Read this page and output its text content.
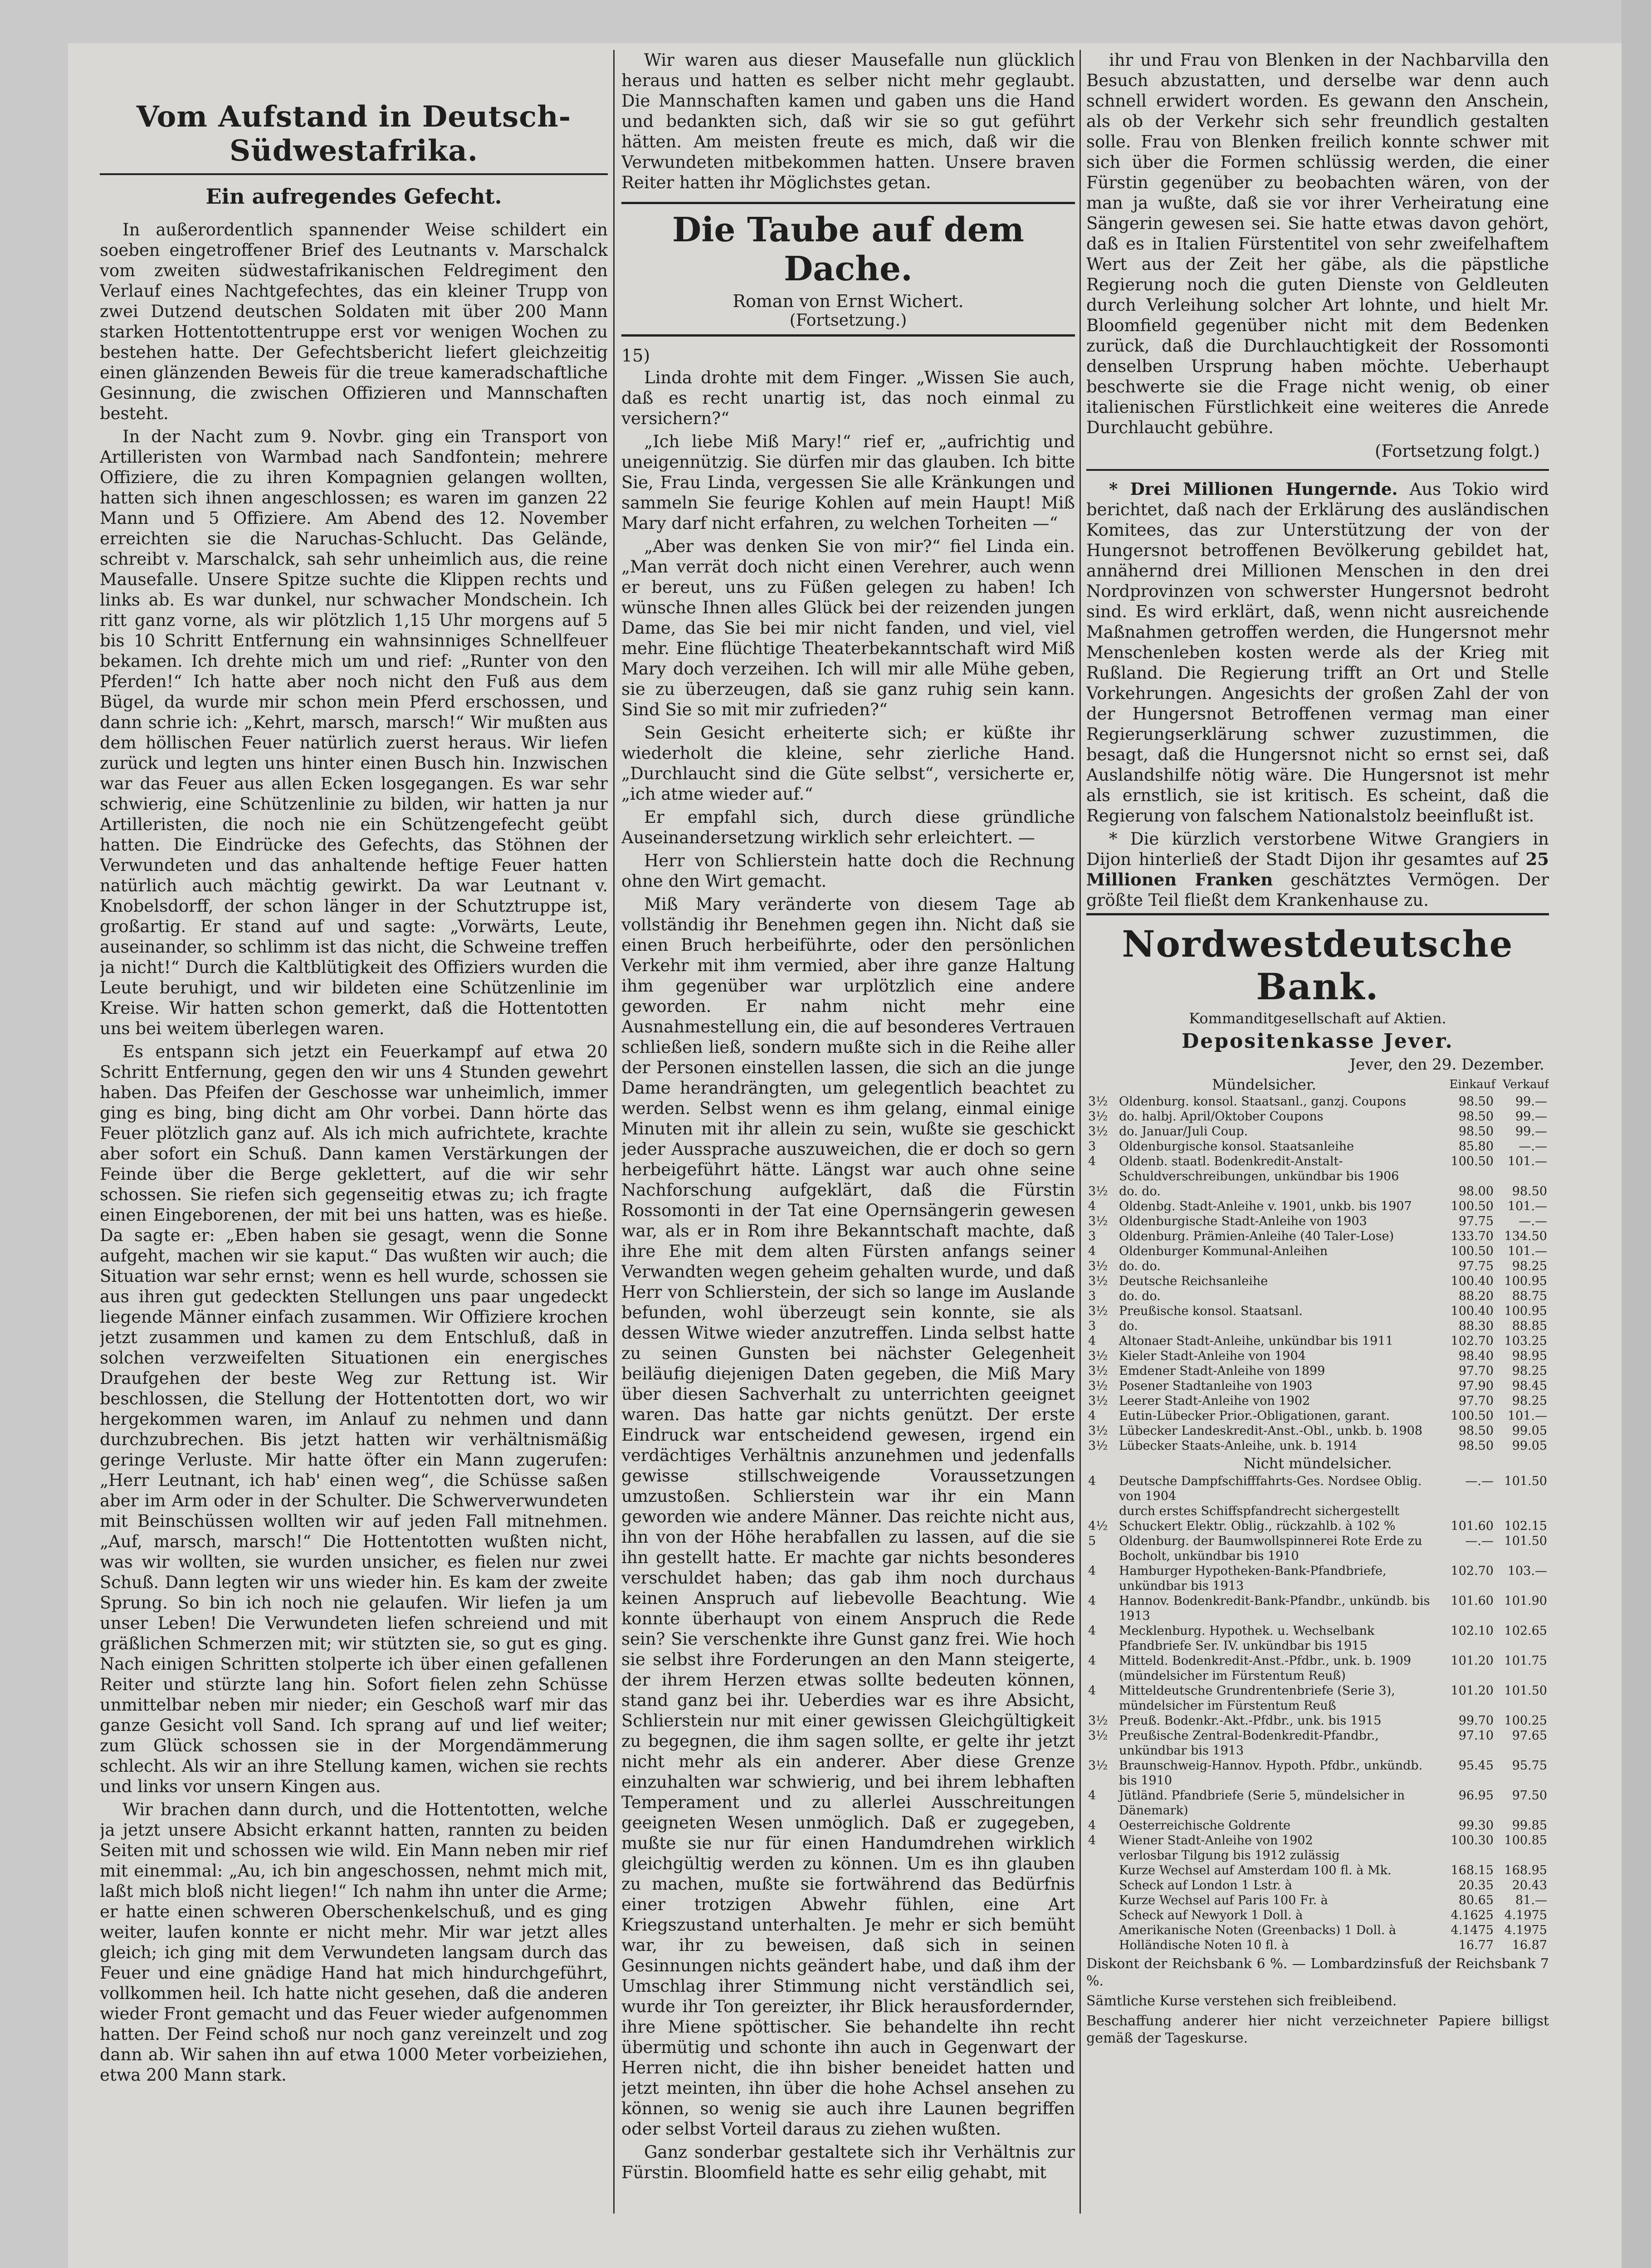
Vom Aufstand in Deutsch-Südwestafrika.
Ein aufregendes Gefecht.

In außerordentlich spannender Weise schildert ein soeben eingetroffener Brief des Leutnants v. Marschalck vom zweiten südwestafrikanischen Feldregiment den Verlauf eines Nachtgefechtes, das ein kleiner Trupp von zwei Dutzend deutschen Soldaten mit über 200 Mann starken Hottentottentruppe erst vor wenigen Wochen zu bestehen hatte. Der Gefechtsbericht liefert gleichzeitig einen glänzenden Beweis für die treue kameradschaftliche Gesinnung, die zwischen Offizieren und Mannschaften besteht.

In der Nacht zum 9. Novbr. ging ein Transport von Artilleristen von Warmbad nach Sandfontein; mehrere Offiziere, die zu ihren Kompagnien gelangen wollten, hatten sich ihnen angeschlossen; es waren im ganzen 22 Mann und 5 Offiziere. Am Abend des 12. November erreichten sie die Naruchas-Schlucht. Das Gelände, schreibt v. Marschalck, sah sehr unheimlich aus, die reine Mausefalle. Unsere Spitze suchte die Klippen rechts und links ab. Es war dunkel, nur schwacher Mondschein. Ich ritt ganz vorne, als wir plötzlich 1,15 Uhr morgens auf 5 bis 10 Schritt Entfernung ein wahnsinniges Schnellfeuer bekamen. Ich drehte mich um und rief: „Runter von den Pferden!“ Ich hatte aber noch nicht den Fuß aus dem Bügel, da wurde mir schon mein Pferd erschossen, und dann schrie ich: „Kehrt, marsch, marsch!“ Wir mußten aus dem höllischen Feuer natürlich zuerst heraus. Wir liefen zurück und legten uns hinter einen Busch hin. Inzwischen war das Feuer aus allen Ecken losgegangen. Es war sehr schwierig, eine Schützenlinie zu bilden, wir hatten ja nur Artilleristen, die noch nie ein Schützengefecht geübt hatten. Die Eindrücke des Gefechts, das Stöhnen der Verwundeten und das anhaltende heftige Feuer hatten natürlich auch mächtig gewirkt. Da war Leutnant v. Knobelsdorff, der schon länger in der Schutztruppe ist, großartig. Er stand auf und sagte: „Vorwärts, Leute, auseinander, so schlimm ist das nicht, die Schweine treffen ja nicht!“ Durch die Kaltblütigkeit des Offiziers wurden die Leute beruhigt, und wir bildeten eine Schützenlinie im Kreise. Wir hatten schon gemerkt, daß die Hottentotten uns bei weitem überlegen waren.

Es entspann sich jetzt ein Feuerkampf auf etwa 20 Schritt Entfernung, gegen den wir uns 4 Stunden gewehrt haben. Das Pfeifen der Geschosse war unheimlich, immer ging es bing, bing dicht am Ohr vorbei. Dann hörte das Feuer plötzlich ganz auf. Als ich mich aufrichtete, krachte aber sofort ein Schuß. Dann kamen Verstärkungen der Feinde über die Berge geklettert, auf die wir sehr schossen. Sie riefen sich gegenseitig etwas zu; ich fragte einen Eingeborenen, der mit bei uns hatten, was es hieße. Da sagte er: „Eben haben sie gesagt, wenn die Sonne aufgeht, machen wir sie kaput.“ Das wußten wir auch; die Situation war sehr ernst; wenn es hell wurde, schossen sie aus ihren gut gedeckten Stellungen uns paar ungedeckt liegende Männer einfach zusammen. Wir Offiziere krochen jetzt zusammen und kamen zu dem Entschluß, daß in solchen verzweifelten Situationen ein energisches Draufgehen der beste Weg zur Rettung ist. Wir beschlossen, die Stellung der Hottentotten dort, wo wir hergekommen waren, im Anlauf zu nehmen und dann durchzubrechen. Bis jetzt hatten wir verhältnismäßig geringe Verluste. Mir hatte öfter ein Mann zugerufen: „Herr Leutnant, ich hab' einen weg“, die Schüsse saßen aber im Arm oder in der Schulter. Die Schwerverwundeten mit Beinschüssen wollten wir auf jeden Fall mitnehmen. „Auf, marsch, marsch!“ Die Hottentotten wußten nicht, was wir wollten, sie wurden unsicher, es fielen nur zwei Schuß. Dann legten wir uns wieder hin. Es kam der zweite Sprung. So bin ich noch nie gelaufen. Wir liefen ja um unser Leben! Die Verwundeten liefen schreiend und mit gräßlichen Schmerzen mit; wir stützten sie, so gut es ging. Nach einigen Schritten stolperte ich über einen gefallenen Reiter und stürzte lang hin. Sofort fielen zehn Schüsse unmittelbar neben mir nieder; ein Geschoß warf mir das ganze Gesicht voll Sand. Ich sprang auf und lief weiter; zum Glück schossen sie in der Morgendämmerung schlecht. Als wir an ihre Stellung kamen, wichen sie rechts und links vor unsern Kingen aus.

Wir brachen dann durch, und die Hottentotten, welche ja jetzt unsere Absicht erkannt hatten, rannten zu beiden Seiten mit und schossen wie wild. Ein Mann neben mir rief mit einemmal: „Au, ich bin angeschossen, nehmt mich mit, laßt mich bloß nicht liegen!“ Ich nahm ihn unter die Arme; er hatte einen schweren Oberschenkelschuß, und es ging weiter, laufen konnte er nicht mehr. Mir war jetzt alles gleich; ich ging mit dem Verwundeten langsam durch das Feuer und eine gnädige Hand hat mich hindurchgeführt, vollkommen heil. Ich hatte nicht gesehen, daß die anderen wieder Front gemacht und das Feuer wieder aufgenommen hatten. Der Feind schoß nur noch ganz vereinzelt und zog dann ab. Wir sahen ihn auf etwa 1000 Meter vorbeiziehen, etwa 200 Mann stark.

Wir waren aus dieser Mausefalle nun glücklich heraus und hatten es selber nicht mehr geglaubt. Die Mannschaften kamen und gaben uns die Hand und bedankten sich, daß wir sie so gut geführt hätten. Am meisten freute es mich, daß wir die Verwundeten mitbekommen hatten. Unsere braven Reiter hatten ihr Möglichstes getan.

Die Taube auf dem Dache.
Roman von Ernst Wichert.
(Fortsetzung.)
15)

Linda drohte mit dem Finger. „Wissen Sie auch, daß es recht unartig ist, das noch einmal zu versichern?“

„Ich liebe Miß Mary!“ rief er, „aufrichtig und uneigennützig. Sie dürfen mir das glauben. Ich bitte Sie, Frau Linda, vergessen Sie alle Kränkungen und sammeln Sie feurige Kohlen auf mein Haupt! Miß Mary darf nicht erfahren, zu welchen Torheiten —“

„Aber was denken Sie von mir?“ fiel Linda ein. „Man verrät doch nicht einen Verehrer, auch wenn er bereut, uns zu Füßen gelegen zu haben! Ich wünsche Ihnen alles Glück bei der reizenden jungen Dame, das Sie bei mir nicht fanden, und viel, viel mehr. Eine flüchtige Theaterbekanntschaft wird Miß Mary doch verzeihen. Ich will mir alle Mühe geben, sie zu überzeugen, daß sie ganz ruhig sein kann. Sind Sie so mit mir zufrieden?“

Sein Gesicht erheiterte sich; er küßte ihr wiederholt die kleine, sehr zierliche Hand. „Durchlaucht sind die Güte selbst“, versicherte er, „ich atme wieder auf.“

Er empfahl sich, durch diese gründliche Auseinandersetzung wirklich sehr erleichtert. —

Herr von Schlierstein hatte doch die Rechnung ohne den Wirt gemacht.

Miß Mary veränderte von diesem Tage ab vollständig ihr Benehmen gegen ihn. Nicht daß sie einen Bruch herbeiführte, oder den persönlichen Verkehr mit ihm vermied, aber ihre ganze Haltung ihm gegenüber war urplötzlich eine andere geworden. Er nahm nicht mehr eine Ausnahmestellung ein, die auf besonderes Vertrauen schließen ließ, sondern mußte sich in die Reihe aller der Personen einstellen lassen, die sich an die junge Dame herandrängten, um gelegentlich beachtet zu werden. Selbst wenn es ihm gelang, einmal einige Minuten mit ihr allein zu sein, wußte sie geschickt jeder Aussprache auszuweichen, die er doch so gern herbeigeführt hätte. Längst war auch ohne seine Nachforschung aufgeklärt, daß die Fürstin Rossomonti in der Tat eine Opernsängerin gewesen war, als er in Rom ihre Bekanntschaft machte, daß ihre Ehe mit dem alten Fürsten anfangs seiner Verwandten wegen geheim gehalten wurde, und daß Herr von Schlierstein, der sich so lange im Auslande befunden, wohl überzeugt sein konnte, sie als dessen Witwe wieder anzutreffen. Linda selbst hatte zu seinen Gunsten bei nächster Gelegenheit beiläufig diejenigen Daten gegeben, die Miß Mary über diesen Sachverhalt zu unterrichten geeignet waren. Das hatte gar nichts genützt. Der erste Eindruck war entscheidend gewesen, irgend ein verdächtiges Verhältnis anzunehmen und jedenfalls gewisse stillschweigende Voraussetzungen umzustoßen. Schlierstein war ihr ein Mann geworden wie andere Männer. Das reichte nicht aus, ihn von der Höhe herabfallen zu lassen, auf die sie ihn gestellt hatte. Er machte gar nichts besonderes verschuldet haben; das gab ihm noch durchaus keinen Anspruch auf liebevolle Beachtung. Wie konnte überhaupt von einem Anspruch die Rede sein? Sie verschenkte ihre Gunst ganz frei. Wie hoch sie selbst ihre Forderungen an den Mann steigerte, der ihrem Herzen etwas sollte bedeuten können, stand ganz bei ihr. Ueberdies war es ihre Absicht, Schlierstein nur mit einer gewissen Gleichgültigkeit zu begegnen, die ihm sagen sollte, er gelte ihr jetzt nicht mehr als ein anderer. Aber diese Grenze einzuhalten war schwierig, und bei ihrem lebhaften Temperament und zu allerlei Ausschreitungen geeigneten Wesen unmöglich. Daß er zugegeben, mußte sie nur für einen Handumdrehen wirklich gleichgültig werden zu können. Um es ihn glauben zu machen, mußte sie fortwährend das Bedürfnis einer trotzigen Abwehr fühlen, eine Art Kriegszustand unterhalten. Je mehr er sich bemüht war, ihr zu beweisen, daß sich in seinen Gesinnungen nichts geändert habe, und daß ihm der Umschlag ihrer Stimmung nicht verständlich sei, wurde ihr Ton gereizter, ihr Blick herausfordernder, ihre Miene spöttischer. Sie behandelte ihn recht übermütig und schonte ihn auch in Gegenwart der Herren nicht, die ihn bisher beneidet hatten und jetzt meinten, ihn über die hohe Achsel ansehen zu können, so wenig sie auch ihre Launen begriffen oder selbst Vorteil daraus zu ziehen wußten.

Ganz sonderbar gestaltete sich ihr Verhältnis zur Fürstin. Bloomfield hatte es sehr eilig gehabt, mit

ihr und Frau von Blenken in der Nachbarvilla den Besuch abzustatten, und derselbe war denn auch schnell erwidert worden. Es gewann den Anschein, als ob der Verkehr sich sehr freundlich gestalten solle. Frau von Blenken freilich konnte schwer mit sich über die Formen schlüssig werden, die einer Fürstin gegenüber zu beobachten wären, von der man ja wußte, daß sie vor ihrer Verheiratung eine Sängerin gewesen sei. Sie hatte etwas davon gehört, daß es in Italien Fürstentitel von sehr zweifelhaftem Wert aus der Zeit her gäbe, als die päpstliche Regierung noch die guten Dienste von Geldleuten durch Verleihung solcher Art lohnte, und hielt Mr. Bloomfield gegenüber nicht mit dem Bedenken zurück, daß die Durchlauchtigkeit der Rossomonti denselben Ursprung haben möchte. Ueberhaupt beschwerte sie die Frage nicht wenig, ob einer italienischen Fürstlichkeit eine weiteres die Anrede Durchlaucht gebühre.

(Fortsetzung folgt.)

* Drei Millionen Hungernde. Aus Tokio wird berichtet, daß nach der Erklärung des ausländischen Komitees, das zur Unterstützung der von der Hungersnot betroffenen Bevölkerung gebildet hat, annähernd drei Millionen Menschen in den drei Nordprovinzen von schwerster Hungersnot bedroht sind. Es wird erklärt, daß, wenn nicht ausreichende Maßnahmen getroffen werden, die Hungersnot mehr Menschenleben kosten werde als der Krieg mit Rußland. Die Regierung trifft an Ort und Stelle Vorkehrungen. Angesichts der großen Zahl der von der Hungersnot Betroffenen vermag man einer Regierungserklärung schwer zuzustimmen, die besagt, daß die Hungersnot nicht so ernst sei, daß Auslandshilfe nötig wäre. Die Hungersnot ist mehr als ernstlich, sie ist kritisch. Es scheint, daß die Regierung von falschem Nationalstolz beeinflußt ist.

* Die kürzlich verstorbene Witwe Grangiers in Dijon hinterließ der Stadt Dijon ihr gesamtes auf 25 Millionen Franken geschätztes Vermögen. Der größte Teil fließt dem Krankenhause zu.

Nordwestdeutsche Bank.
Kommanditgesellschaft auf Aktien.
Depositenkasse Jever.
Jever, den 29. Dezember.
Mündelsicher.		Einkauf	Verkauf
3½	Oldenburg. konsol. Staatsanl., ganzj. Coupons	98.50	99.—
3½	do. halbj. April/Oktober Coupons	98.50	99.—
3½	do. Januar/Juli Coup.	98.50	99.—
3	Oldenburgische konsol. Staatsanleihe	85.80	—.—
4	Oldenb. staatl. Bodenkredit-Anstalt-Schuldverschreibungen, unkündbar bis 1906	100.50	101.—
3½	do. do.	98.00	98.50
4	Oldenbg. Stadt-Anleihe v. 1901, unkb. bis 1907	100.50	101.—
3½	Oldenburgische Stadt-Anleihe von 1903	97.75	—.—
3	Oldenburg. Prämien-Anleihe (40 Taler-Lose)	133.70	134.50
4	Oldenburger Kommunal-Anleihen	100.50	101.—
3½	do. do.	97.75	98.25
3½	Deutsche Reichsanleihe	100.40	100.95
3	do. do.	88.20	88.75
3½	Preußische konsol. Staatsanl.	100.40	100.95
3	do.	88.30	88.85
4	Altonaer Stadt-Anleihe, unkündbar bis 1911	102.70	103.25
3½	Kieler Stadt-Anleihe von 1904	98.40	98.95
3½	Emdener Stadt-Anleihe von 1899	97.70	98.25
3½	Posener Stadtanleihe von 1903	97.90	98.45
3½	Leerer Stadt-Anleihe von 1902	97.70	98.25
4	Eutin-Lübecker Prior.-Obligationen, garant.	100.50	101.—
3½	Lübecker Landeskredit-Anst.-Obl., unkb. b. 1908	98.50	99.05
3½	Lübecker Staats-Anleihe, unk. b. 1914	98.50	99.05
Nicht mündelsicher.			
4	Deutsche Dampfschifffahrts-Ges. Nordsee Oblig. von 1904	—.—	101.50
	durch erstes Schiffspfandrecht sichergestellt		
4½	Schuckert Elektr. Oblig., rückzahlb. à 102 %	101.60	102.15
5	Oldenburg. der Baumwollspinnerei Rote Erde zu Bocholt, unkündbar bis 1910	—.—	101.50
4	Hamburger Hypotheken-Bank-Pfandbriefe, unkündbar bis 1913	102.70	103.—
4	Hannov. Bodenkredit-Bank-Pfandbr., unkündb. bis 1913	101.60	101.90
4	Mecklenburg. Hypothek. u. Wechselbank Pfandbriefe Ser. IV. unkündbar bis 1915	102.10	102.65
4	Mitteld. Bodenkredit-Anst.-Pfdbr., unk. b. 1909	101.20	101.75
	(mündelsicher im Fürstentum Reuß)		
4	Mitteldeutsche Grundrentenbriefe (Serie 3), mündelsicher im Fürstentum Reuß	101.20	101.50
3½	Preuß. Bodenkr.-Akt.-Pfdbr., unk. bis 1915	99.70	100.25
3½	Preußische Zentral-Bodenkredit-Pfandbr., unkündbar bis 1913	97.10	97.65
3½	Braunschweig-Hannov. Hypoth. Pfdbr., unkündb. bis 1910	95.45	95.75
4	Jütländ. Pfandbriefe (Serie 5, mündelsicher in Dänemark)	96.95	97.50
4	Oesterreichische Goldrente	99.30	99.85
4	Wiener Stadt-Anleihe von 1902	100.30	100.85
	verlosbar Tilgung bis 1912 zulässig		
	Kurze Wechsel auf Amsterdam 100 fl. à Mk.	168.15	168.95
	Scheck auf London 1 Lstr. à	20.35	20.43
	Kurze Wechsel auf Paris 100 Fr. à	80.65	81.—
	Scheck auf Newyork 1 Doll. à	4.1625	4.1975
	Amerikanische Noten (Greenbacks) 1 Doll. à	4.1475	4.1975
	Holländische Noten 10 fl. à	16.77	16.87

Diskont der Reichsbank 6 %. — Lombardzinsfuß der Reichsbank 7 %.

Sämtliche Kurse verstehen sich freibleibend.

Beschaffung anderer hier nicht verzeichneter Papiere billigst gemäß der Tageskurse.
